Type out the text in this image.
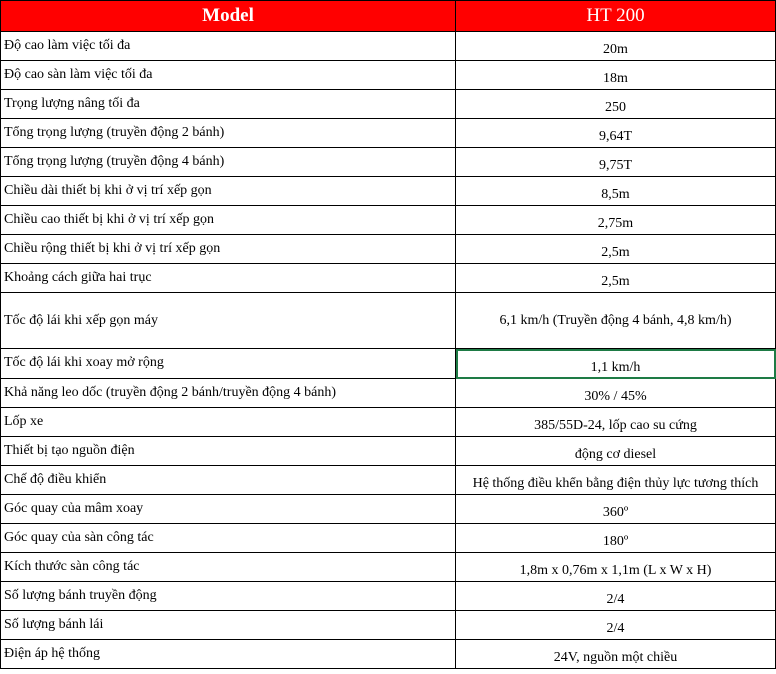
Model	HT 200
Độ cao làm việc tối đa	20m
Độ cao sàn làm việc tối đa	18m
Trọng lượng nâng tối đa	250
Tổng trọng lượng (truyền động 2 bánh)	9,64T
Tổng trọng lượng (truyền động 4 bánh)	9,75T
Chiều dài thiết bị khi ở vị trí xếp gọn	8,5m
Chiều cao thiết bị khi ở vị trí xếp gọn	2,75m
Chiều rộng thiết bị khi ở vị trí xếp gọn	2,5m
Khoảng cách giữa hai trục	2,5m
Tốc độ lái khi xếp gọn máy	6,1 km/h (Truyền động 4 bánh, 4,8 km/h)
Tốc độ lái khi xoay mở rộng	1,1 km/h
Khả năng leo dốc (truyền động 2 bánh/truyền động 4 bánh)	30% / 45%
Lốp xe	385/55D-24, lốp cao su cứng
Thiết bị tạo nguồn điện	động cơ diesel
Chế độ điều khiển	Hệ thống điều khển bằng điện thủy lực tương thích
Góc quay của mâm xoay	360º
Góc quay của sàn công tác	180º
Kích thước sàn công tác	1,8m x 0,76m x 1,1m (L x W x H)
Số lượng bánh truyền động	2/4
Số lượng bánh lái	2/4
Điện áp hệ thống	24V, nguồn một chiều
